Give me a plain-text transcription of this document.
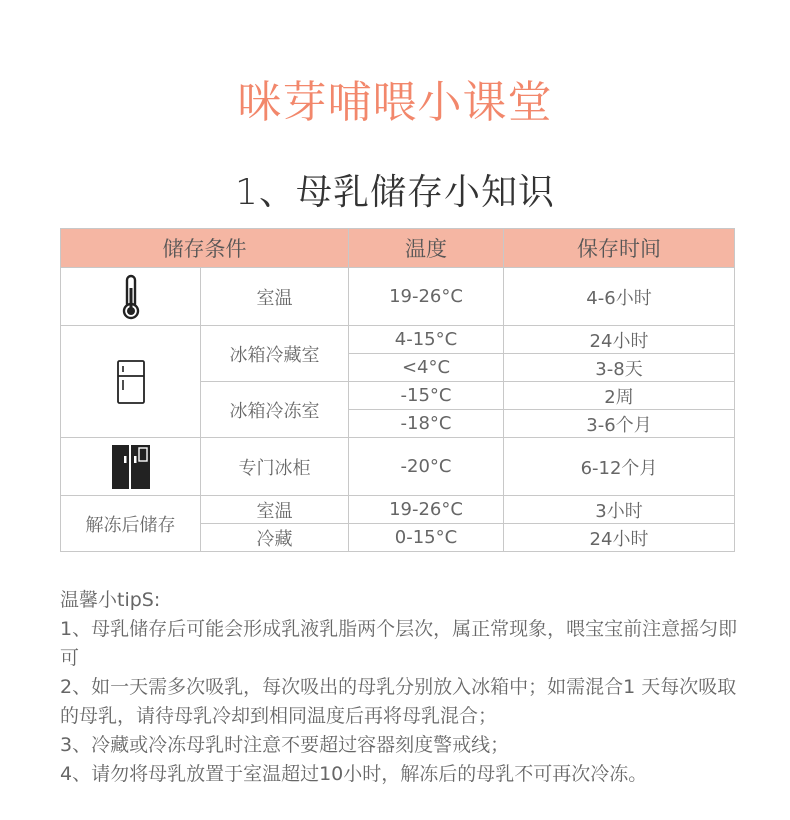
咪芽哺喂小课堂
1、母乳储存小知识
储存条件		温度	保存时间

	室温	19-26°C	4-6小时

	冰箱冷藏室	4-15°C	24小时
		<4°C	3-8天
	冰箱冷冻室	-15°C	2周
		-18°C	3-6个月

	专门冰柜	-20°C	6-12个月
解冻后储存	室温	19-26°C	3小时
	冷藏	0-15°C	24小时

温馨小tipS:

1、母乳储存后可能会形成乳液乳脂两个层次，属正常现象，喂宝宝前注意摇匀即可

2、如一天需多次吸乳，每次吸出的母乳分别放入冰箱中；如需混合1 天每次吸取的母乳，请待母乳冷却到相同温度后再将母乳混合；

3、冷藏或冷冻母乳时注意不要超过容器刻度警戒线；

4、请勿将母乳放置于室温超过10小时，解冻后的母乳不可再次冷冻。
